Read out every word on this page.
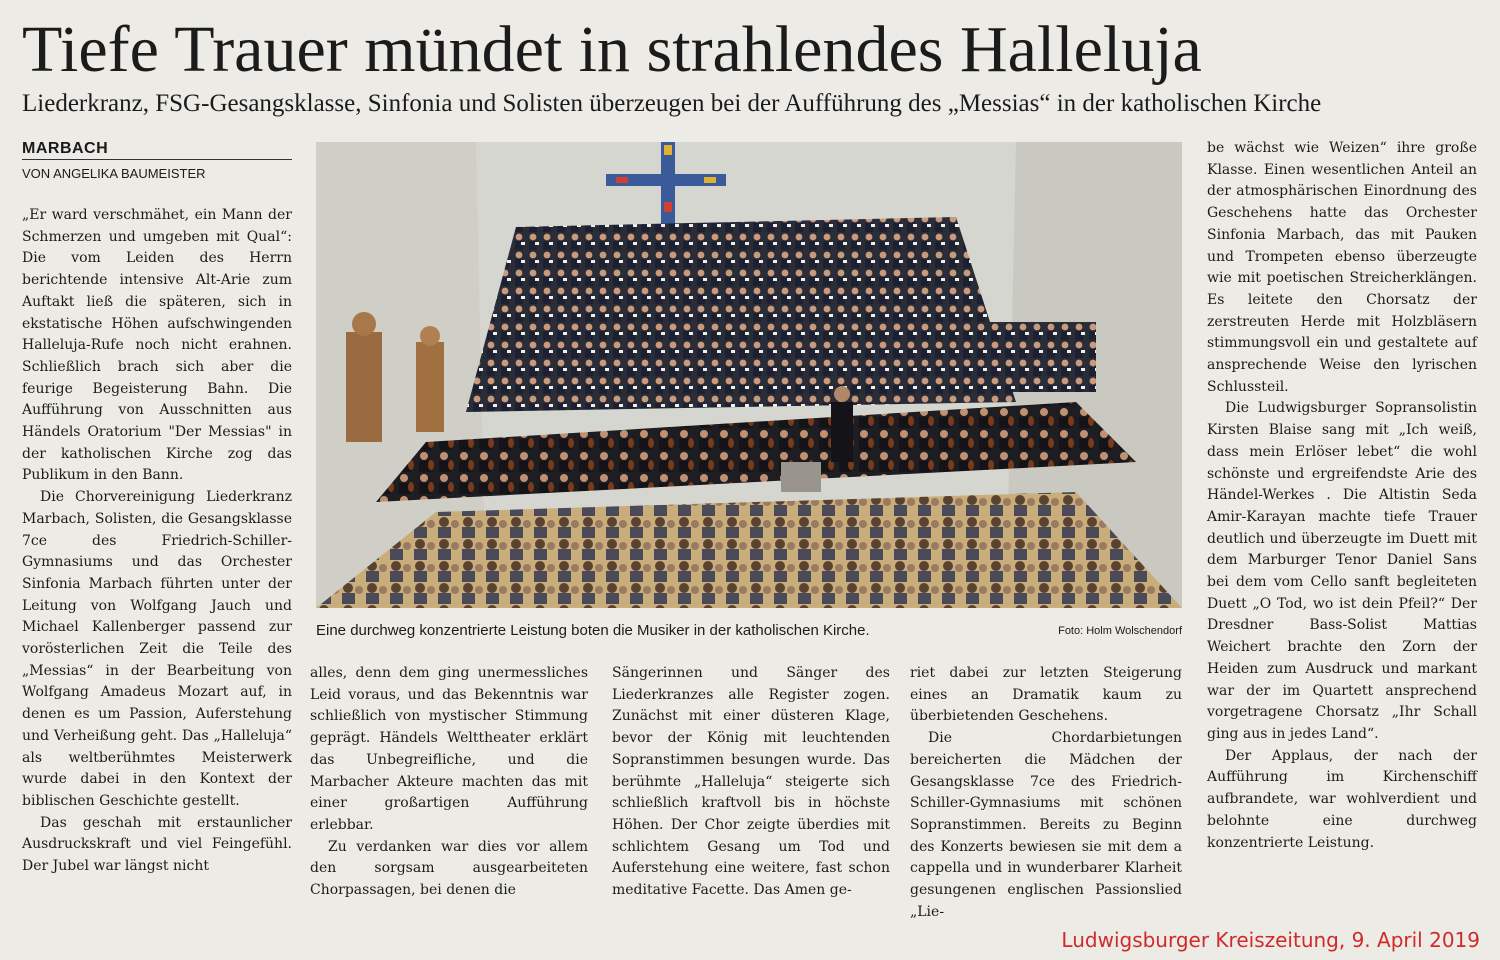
Tiefe Trauer mündet in strahlendes Halleluja
Liederkranz, FSG-Gesangsklasse, Sinfonia und Solisten überzeugen bei der Aufführung des „Messias“ in der katholischen Kirche
MARBACH
VON ANGELIKA BAUMEISTER

„Er ward verschmähet, ein Mann der Schmerzen und umgeben mit Qual“: Die vom Leiden des Herrn berichtende intensive Alt-Arie zum Auftakt ließ die späteren, sich in ekstatische Höhen aufschwingenden Halleluja-Rufe noch nicht erahnen. Schließlich brach sich aber die feurige Begeisterung Bahn. Die Aufführung von Ausschnitten aus Händels Oratorium "Der Messias" in der katholischen Kirche zog das Publikum in den Bann.

Die Chorvereinigung Liederkranz Marbach, Solisten, die Gesangsklasse 7ce des Friedrich-Schiller-Gymnasiums und das Orchester Sinfonia Marbach führten unter der Leitung von Wolfgang Jauch und Michael Kallenberger passend zur vorösterlichen Zeit die Teile des „Messias“ in der Bearbeitung von Wolfgang Amadeus Mozart auf, in denen es um Passion, Auferstehung und Verheißung geht. Das „Halleluja“ als weltberühmtes Meisterwerk wurde dabei in den Kontext der biblischen Geschichte gestellt.

Das geschah mit erstaunlicher Ausdruckskraft und viel Feingefühl. Der Jubel war längst nicht

Eine durchweg konzentrierte Leistung boten die Musiker in der katholischen Kirche.	Foto: Holm Wolschendorf

alles, denn dem ging unermessliches Leid voraus, und das Bekenntnis war schließlich von mystischer Stimmung geprägt. Händels Welttheater erklärt das Unbegreifliche, und die Marbacher Akteure machten das mit einer großartigen Aufführung erlebbar.

Zu verdanken war dies vor allem den sorgsam ausgearbeiteten Chorpassagen, bei denen die

Sängerinnen und Sänger des Liederkranzes alle Register zogen. Zunächst mit einer düsteren Klage, bevor der König mit leuchtenden Sopranstimmen besungen wurde. Das berühmte „Halleluja“ steigerte sich schließlich kraftvoll bis in höchste Höhen. Der Chor zeigte überdies mit schlichtem Gesang um Tod und Auferstehung eine weitere, fast schon meditative Facette. Das Amen ge-

riet dabei zur letzten Steigerung eines an Dramatik kaum zu überbietenden Geschehens.

Die Chordarbietungen bereicherten die Mädchen der Gesangsklasse 7ce des Friedrich-Schiller-Gymnasiums mit schönen Sopranstimmen. Bereits zu Beginn des Konzerts bewiesen sie mit dem a cappella und in wunderbarer Klarheit gesungenen englischen Passionslied „Lie-

be wächst wie Weizen“ ihre große Klasse. Einen wesentlichen Anteil an der atmosphärischen Einordnung des Geschehens hatte das Orchester Sinfonia Marbach, das mit Pauken und Trompeten ebenso überzeugte wie mit poetischen Streicherklängen. Es leitete den Chorsatz der zerstreuten Herde mit Holzbläsern stimmungsvoll ein und gestaltete auf ansprechende Weise den lyrischen Schlussteil.

Die Ludwigsburger Sopransolistin Kirsten Blaise sang mit „Ich weiß, dass mein Erlöser lebet“ die wohl schönste und ergreifendste Arie des Händel-Werkes . Die Altistin Seda Amir-Karayan machte tiefe Trauer deutlich und überzeugte im Duett mit dem Marburger Tenor Daniel Sans bei dem vom Cello sanft begleiteten Duett „O Tod, wo ist dein Pfeil?“ Der Dresdner Bass-Solist Mattias Weichert brachte den Zorn der Heiden zum Ausdruck und markant war der im Quartett ansprechend vorgetragene Chorsatz „Ihr Schall ging aus in jedes Land“.

Der Applaus, der nach der Aufführung im Kirchenschiff aufbrandete, war wohlverdient und belohnte eine durchweg konzentrierte Leistung.

Ludwigsburger Kreiszeitung, 9. April 2019
